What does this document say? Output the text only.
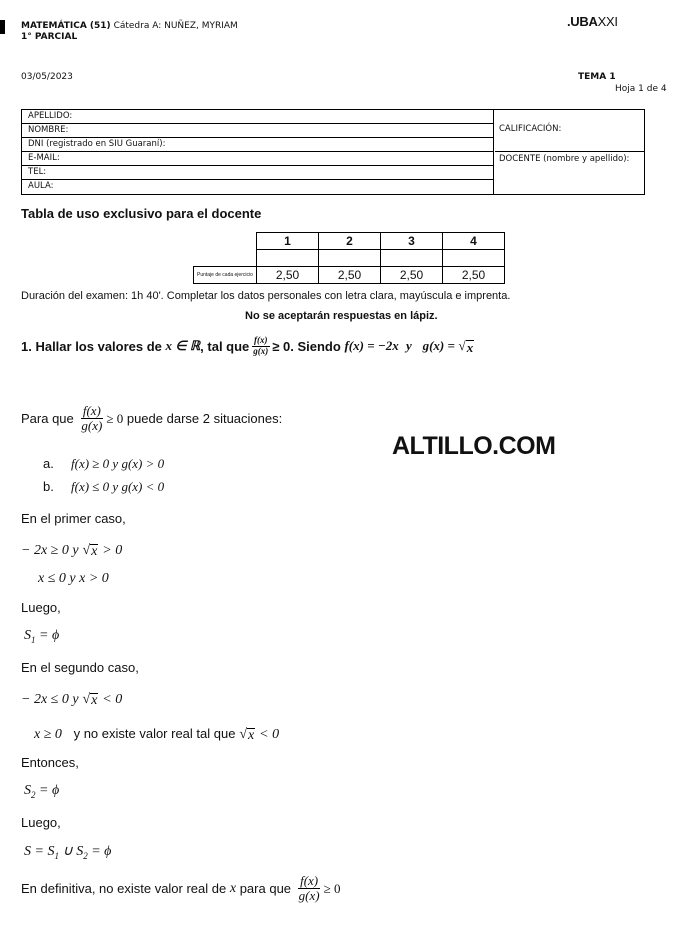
MATEMÁTICA (51) Cátedra A: NUÑEZ, MYRIAM
1° PARCIAL
.UBAXXI
03/05/2023	TEMA 1
Hoja 1 de 4
APELLIDO:
NOMBRE:
DNI (registrado en SIU Guaraní):
E-MAIL:
TEL:
AULA:
CALIFICACIÓN:
DOCENTE (nombre y apellido):
Tabla de uso exclusivo para el docente
	1	2	3	4

Puntaje de cada ejercicio	2,50	2,50	2,50	2,50
Duración del examen: 1h 40'. Completar los datos personales con letra clara, mayúscula e imprenta.
No se aceptarán respuestas en lápiz.
1. Hallar los valores de
x ∈ ℝ , tal que $\frac{f(x)}{g(x)} \ge 0$. Siendo
f(x) = −2x
y
g(x) =
√ x
Para que
$\frac{f(x)}{g(x)} \ge 0$
puede darse 2 situaciones:
ALTILLO.COM
a. f(x) ≥ 0 y g(x) > 0
b. f(x) ≤ 0 y g(x) < 0
En el primer caso,
− 2x ≥ 0 y √ x > 0
x ≤ 0 y x > 0
Luego,
$S_1 = \phi$
En el segundo caso,
− 2x ≤ 0 y √ x < 0
x ≥ 0 y no existe valor real tal que √ x < 0
Entonces,
$S_2 = \phi$
Luego,
$S = S_1$ ∪ $S_2 = \phi$
En definitiva, no existe valor real de
x
para que
$\frac{f(x)}{g(x)} \ge 0$
